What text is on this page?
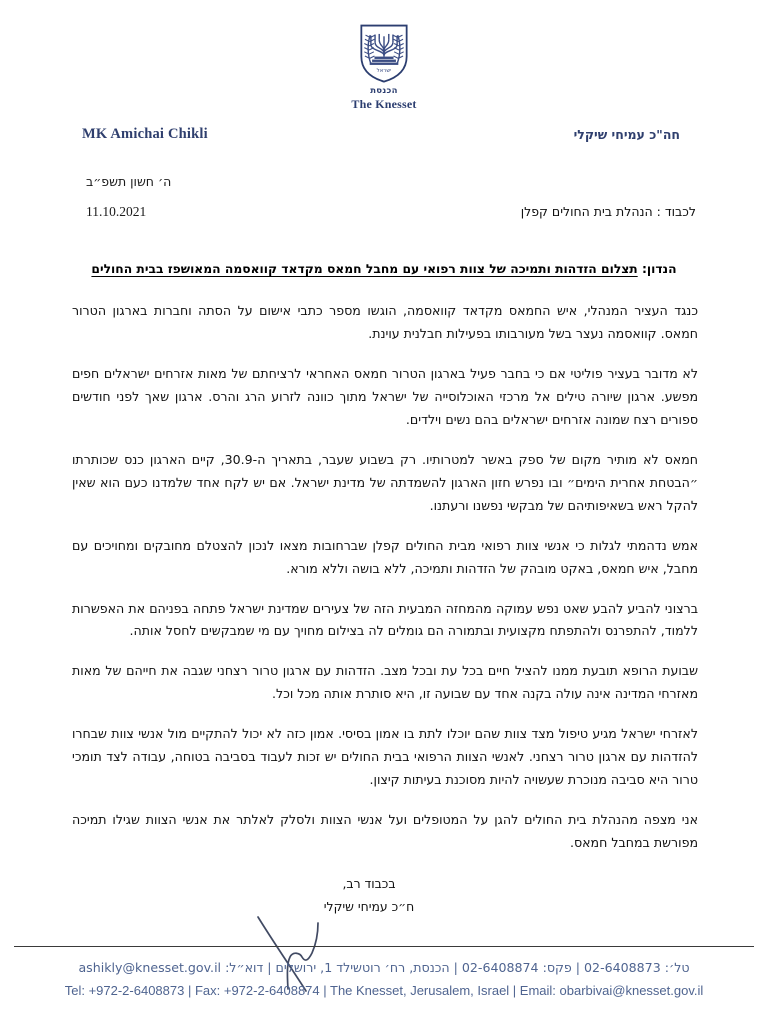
ישראל
הכנסת
The Knesset
MK Amichai Chikli	חה"כ עמיחי שיקלי
ה׳ חשון תשפ״ב
11.10.2021	לכבוד : הנהלת בית החולים קפלן
הנדון: תצלום הזדהות ותמיכה של צוות רפואי עם מחבל חמאס מקדאד קוואסמה המאושפז בבית החולים

כנגד העציר המנהלי, איש החמאס מקדאד קוואסמה, הוגשו מספר כתבי אישום על הסתה וחברות בארגון הטרור חמאס. קוואסמה נעצר בשל מעורבותו בפעילות חבלנית עוינת.

לא מדובר בעציר פוליטי אם כי בחבר פעיל בארגון הטרור חמאס האחראי לרציחתם של מאות אזרחים ישראלים חפים מפשע. ארגון שיורה טילים אל מרכזי האוכלוסייה של ישראל מתוך כוונה לזרוע הרג והרס. ארגון שאך לפני חודשים ספורים רצח שמונה אזרחים ישראלים בהם נשים וילדים.

חמאס לא מותיר מקום של ספק באשר למטרותיו. רק בשבוע שעבר, בתאריך ה-30.9, קיים הארגון כנס שכותרתו ״הבטחת אחרית הימים״ ובו נפרש חזון הארגון להשמדתה של מדינת ישראל. אם יש לקח אחד שלמדנו כעם הוא שאין להקל ראש בשאיפותיהם של מבקשי נפשנו ורעתנו.

אמש נדהמתי לגלות כי אנשי צוות רפואי מבית החולים קפלן שברחובות מצאו לנכון להצטלם מחובקים ומחויכים עם מחבל, איש חמאס, באקט מובהק של הזדהות ותמיכה, ללא בושה וללא מורא.

ברצוני להביע להבע שאט נפש עמוקה מהמחזה המבעית הזה של צעירים שמדינת ישראל פתחה בפניהם את האפשרות ללמוד, להתפרנס ולהתפתח מקצועית ובתמורה הם גומלים לה בצילום מחויך עם מי שמבקשים לחסל אותה.

שבועת הרופא תובעת ממנו להציל חיים בכל עת ובכל מצב. הזדהות עם ארגון טרור רצחני שגבה את חייהם של מאות מאזרחי המדינה אינה עולה בקנה אחד עם שבועה זו, היא סותרת אותה מכל וכל.

לאזרחי ישראל מגיע טיפול מצד צוות שהם יוכלו לתת בו אמון בסיסי. אמון כזה לא יכול להתקיים מול אנשי צוות שבחרו להזדהות עם ארגון טרור רצחני. לאנשי הצוות הרפואי בבית החולים יש זכות לעבוד בסביבה בטוחה, עבודה לצד תומכי טרור היא סביבה מנוכרת שעשויה להיות מסוכנת בעיתות קיצון.

אני מצפה מהנהלת בית החולים להגן על המטופלים ועל אנשי הצוות ולסלק לאלתר את אנשי הצוות שגילו תמיכה מפורשת במחבל חמאס.

בכבוד רב,
ח״כ עמיחי שיקלי
טל׳: 02-6408873 | פקס: 02-6408874 | הכנסת, רח׳ רוטשילד 1, ירושלים | דוא״ל: ashikly@knesset.gov.il
Tel: +972-2-6408873 | Fax: +972-2-6408874 | The Knesset, Jerusalem, Israel | Email: obarbivai@knesset.gov.il
